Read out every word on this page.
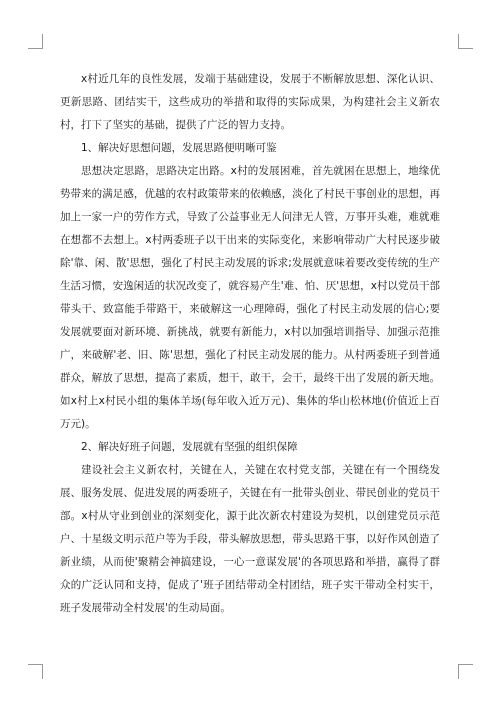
x村近几年的良性发展，发端于基础建设，发展于不断解放思想、深化认识、更新思路、团结实干，这些成功的举措和取得的实际成果，为构建社会主义新农村，打下了坚实的基础，提供了广泛的智力支持。

1、解决好思想问题，发展思路便明晰可鉴

思想决定思路，思路决定出路。x村的发展困难，首先就困在思想上，地缘优势带来的满足感，优越的农村政策带来的依赖感，淡化了村民干事创业的思想，再加上一家一户的劳作方式，导致了公益事业无人问津无人管，万事开头难，难就难在想都不去想上。x村两委班子以干出来的实际变化，来影响带动广大村民逐步破除'靠、闲、散'思想，强化了村民主动发展的诉求;发展就意味着要改变传统的生产生活习惯，安逸闲适的状况改变了，就容易产生'难、怕、厌'思想，x村以党员干部带头干、致富能手带路干，来破解这一心理障碍，强化了村民主动发展的信心;要发展就要面对新环境、新挑战，就要有新能力，x村以加强培训指导、加强示范推广，来破解'老、旧、陈'思想，强化了村民主动发展的能力。从村两委班子到普通群众，解放了思想，提高了素质，想干，敢干，会干，最终干出了发展的新天地。如x村上x村民小组的集体羊场(每年收入近万元)、集体的华山松林地(价值近上百万元)。

2、解决好班子问题，发展就有坚强的组织保障

建设社会主义新农村，关键在人，关键在农村党支部，关键在有一个围绕发展、服务发展、促进发展的两委班子，关键在有一批带头创业、带民创业的党员干部。x村从守业到创业的深刻变化，源于此次新农村建设为契机，以创建党员示范户、十星级文明示范户等为手段，带头解放思想，带头思路干事，以好作风创造了新业绩，从而使'聚精会神搞建设，一心一意谋发展'的各项思路和举措，赢得了群众的广泛认同和支持，促成了'班子团结带动全村团结，班子实干带动全村实干，班子发展带动全村发展'的生动局面。
